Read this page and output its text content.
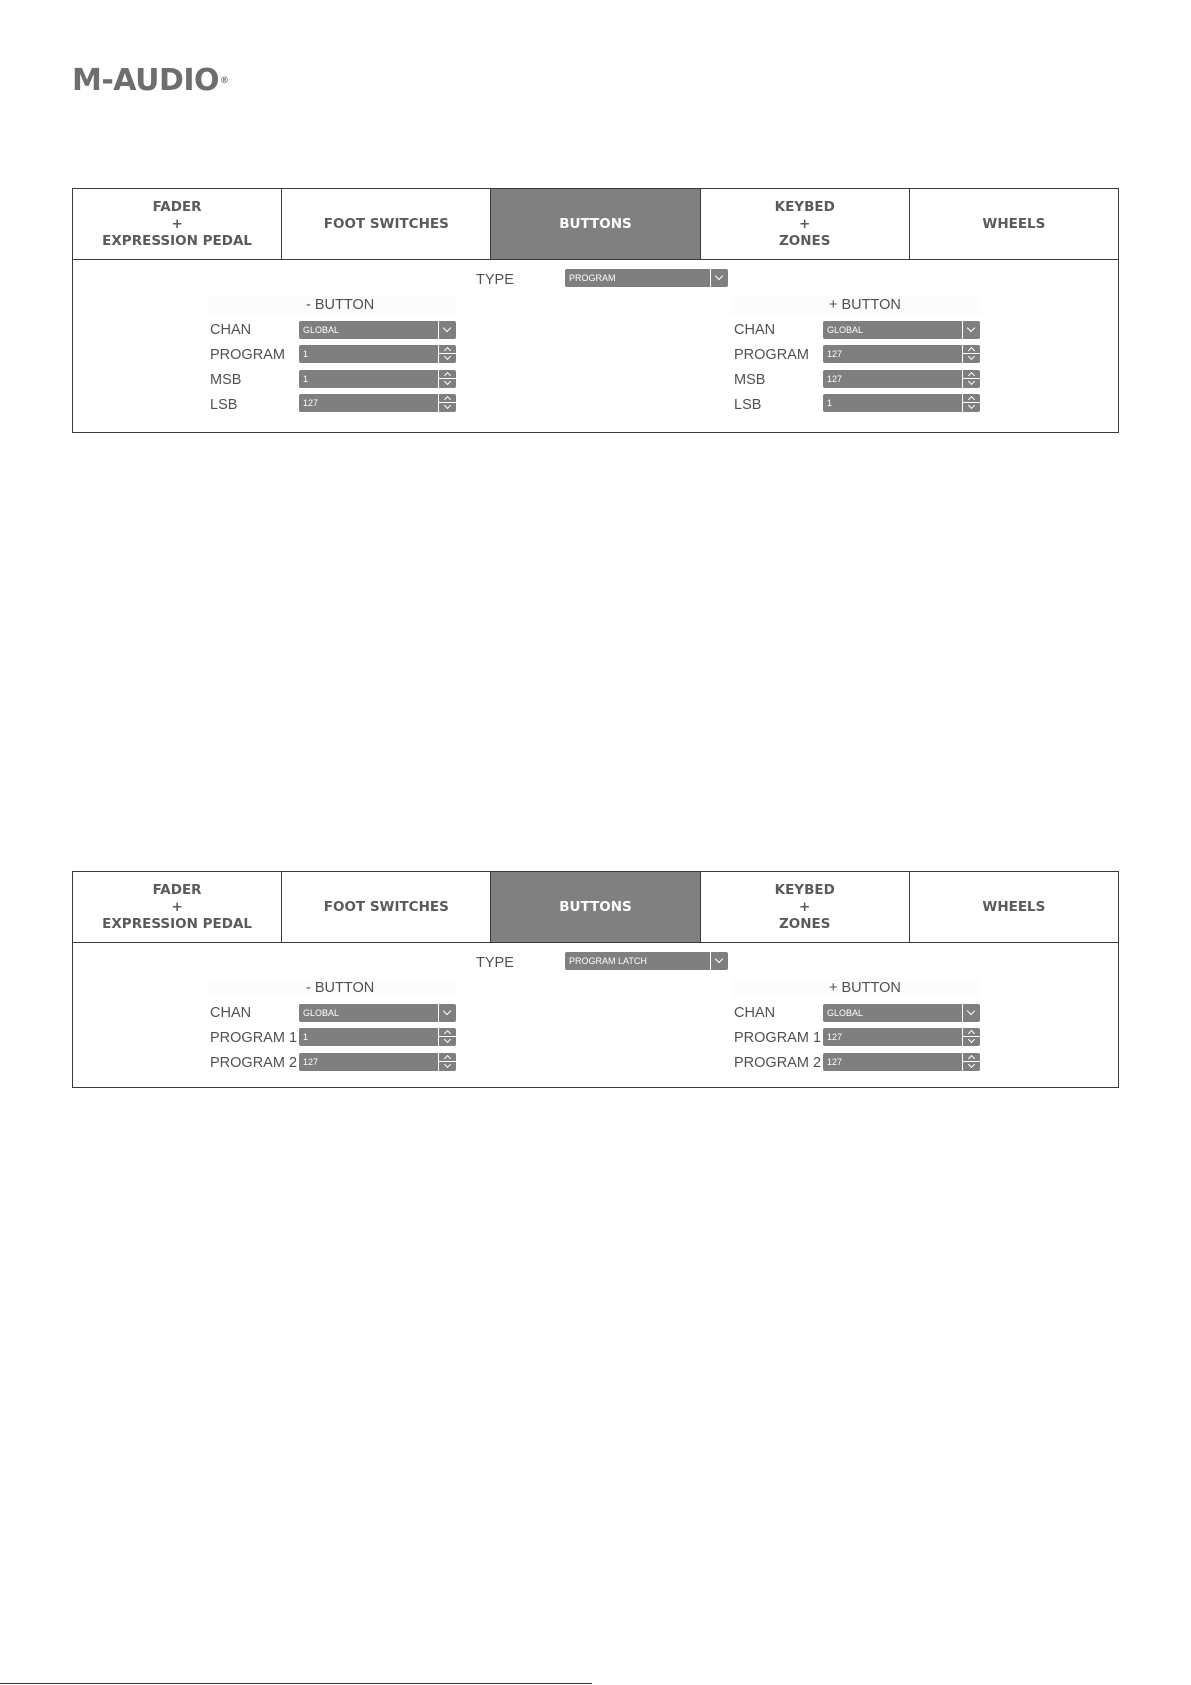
M-AUDIO®
FADER
+
EXPRESSION PEDAL
FOOT SWITCHES	BUTTONS
KEYBED
+
ZONES
WHEELS
TYPE	PROGRAM
- BUTTON
CHAN	GLOBAL
PROGRAM	1
MSB	1
LSB	127
+ BUTTON
CHAN	GLOBAL
PROGRAM	127
MSB	127
LSB	1
FADER
+
EXPRESSION PEDAL
FOOT SWITCHES	BUTTONS
KEYBED
+
ZONES
WHEELS
TYPE	PROGRAM LATCH
- BUTTON
CHAN	GLOBAL
PROGRAM 1 1
PROGRAM 2 127
+ BUTTON
CHAN	GLOBAL
PROGRAM 1 127
PROGRAM 2 127
